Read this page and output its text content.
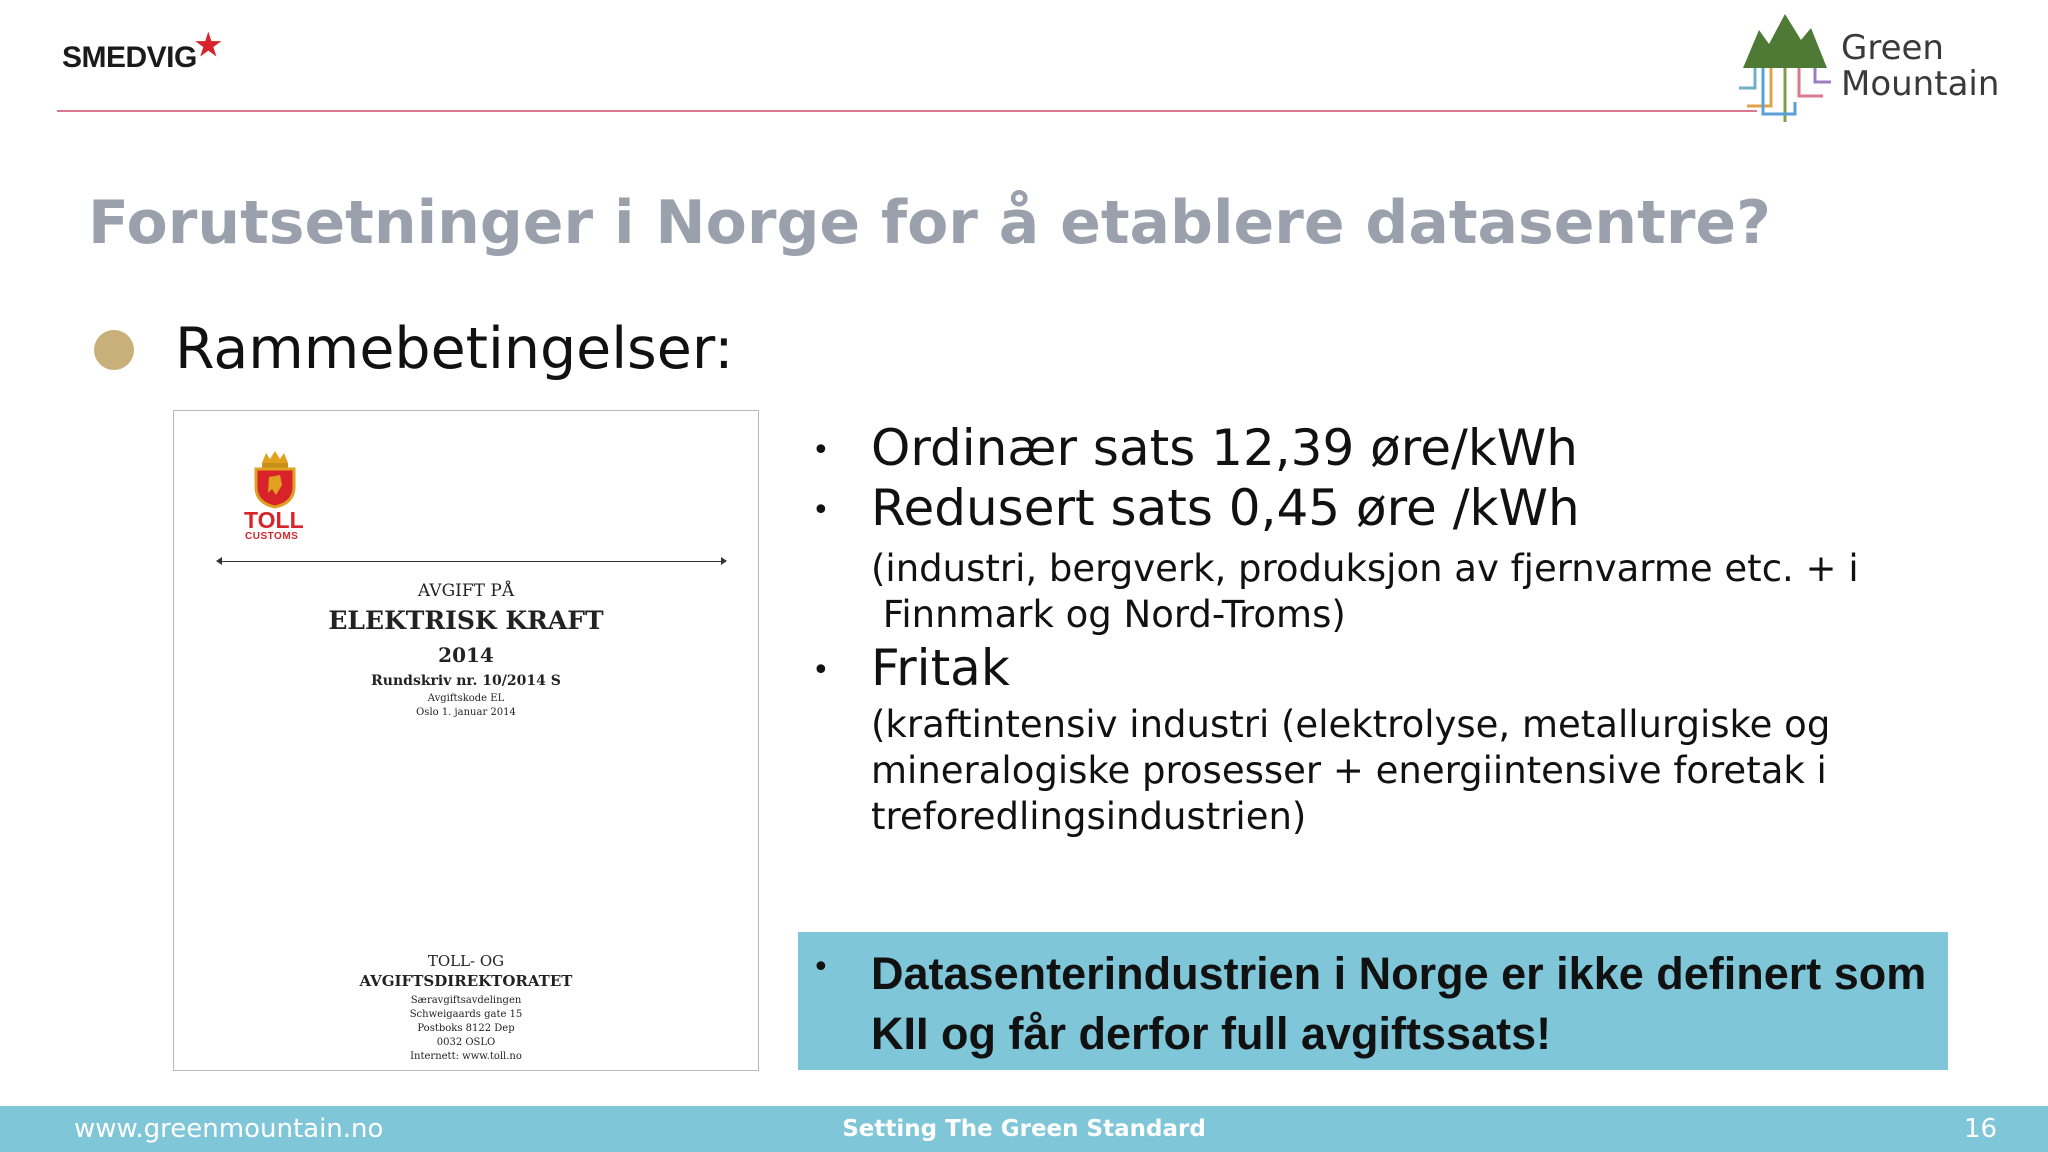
SMEDVIG★	Green
Mountain
Forutsetninger i Norge for å etablere datasentre?
Rammebetingelser:
TOLL
CUSTOMS
AVGIFT PÅ
ELEKTRISK KRAFT
2014
Rundskriv nr. 10/2014 S
Avgiftskode EL
Oslo 1. januar 2014
TOLL- OG
AVGIFTSDIREKTORATET
Særavgiftsavdelingen
Schweigaards gate 15
Postboks 8122 Dep
0032 OSLO
Internett: www.toll.no
• Ordinær sats 12,39 øre/kWh
• Redusert sats 0,45 øre /kWh
(industri, bergverk, produksjon av fjernvarme etc. + i
Finnmark og Nord-Troms)
• Fritak
(kraftintensiv industri (elektrolyse, metallurgiske og
mineralogiske prosesser + energiintensive foretak i
treforedlingsindustrien)
• Datasenterindustrien i Norge er ikke definert som
KII og får derfor full avgiftssats!
www.greenmountain.no	Setting The Green Standard	16
